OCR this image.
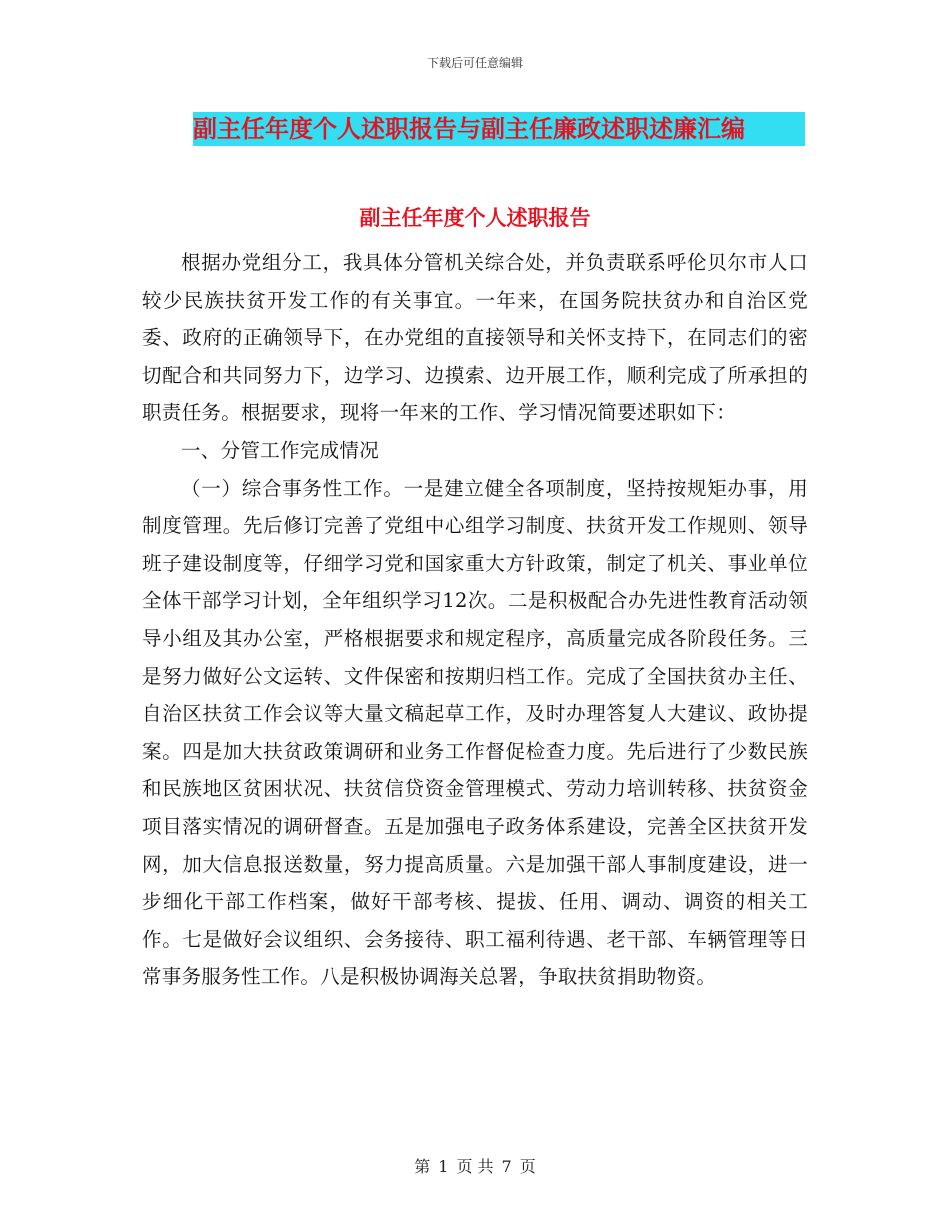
下载后可任意编辑
副主任年度个人述职报告与副主任廉政述职述廉汇编
副主任年度个人述职报告

根据办党组分工，我具体分管机关综合处，并负责联系呼伦贝尔市人口较少民族扶贫开发工作的有关事宜。一年来，在国务院扶贫办和自治区党委、政府的正确领导下，在办党组的直接领导和关怀支持下，在同志们的密切配合和共同努力下，边学习、边摸索、边开展工作，顺利完成了所承担的职责任务。根据要求，现将一年来的工作、学习情况简要述职如下：

一、分管工作完成情况

（一）综合事务性工作。一是建立健全各项制度，坚持按规矩办事，用制度管理。先后修订完善了党组中心组学习制度、扶贫开发工作规则、领导班子建设制度等，仔细学习党和国家重大方针政策，制定了机关、事业单位全体干部学习计划，全年组织学习12次。二是积极配合办先进性教育活动领导小组及其办公室，严格根据要求和规定程序，高质量完成各阶段任务。三是努力做好公文运转、文件保密和按期归档工作。完成了全国扶贫办主任、自治区扶贫工作会议等大量文稿起草工作，及时办理答复人大建议、政协提案。四是加大扶贫政策调研和业务工作督促检查力度。先后进行了少数民族和民族地区贫困状况、扶贫信贷资金管理模式、劳动力培训转移、扶贫资金项目落实情况的调研督查。五是加强电子政务体系建设，完善全区扶贫开发网，加大信息报送数量，努力提高质量。六是加强干部人事制度建设，进一步细化干部工作档案，做好干部考核、提拔、任用、调动、调资的相关工作。七是做好会议组织、会务接待、职工福利待遇、老干部、车辆管理等日常事务服务性工作。八是积极协调海关总署，争取扶贫捐助物资。

第 1 页 共 7 页
